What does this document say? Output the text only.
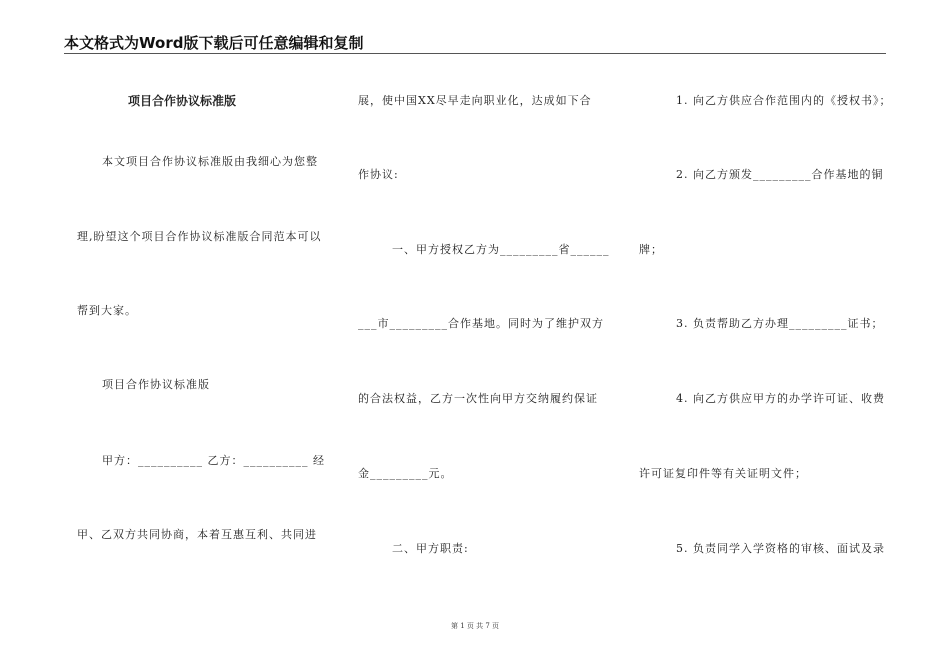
本文格式为Word版下载后可任意编辑和复制
项目合作协议标准版
本文项目合作协议标准版由我细心为您整
理,盼望这个项目合作协议标准版合同范本可以
帮到大家。
项目合作协议标准版
甲方：__________ 乙方：__________ 经
甲、乙双方共同协商，本着互惠互利、共同进
展，使中国XX尽早走向职业化，达成如下合
作协议:
一、甲方授权乙方为_________省______
___市_________合作基地。同时为了维护双方
的合法权益，乙方一次性向甲方交纳履约保证
金_________元。
二、甲方职责:
1. 向乙方供应合作范围内的《授权书》；
2. 向乙方颁发_________合作基地的铜
牌；
3. 负责帮助乙方办理_________证书；
4. 向乙方供应甲方的办学许可证、收费
许可证复印件等有关证明文件；
5. 负责同学入学资格的审核、面试及录
第 1 页 共 7 页
